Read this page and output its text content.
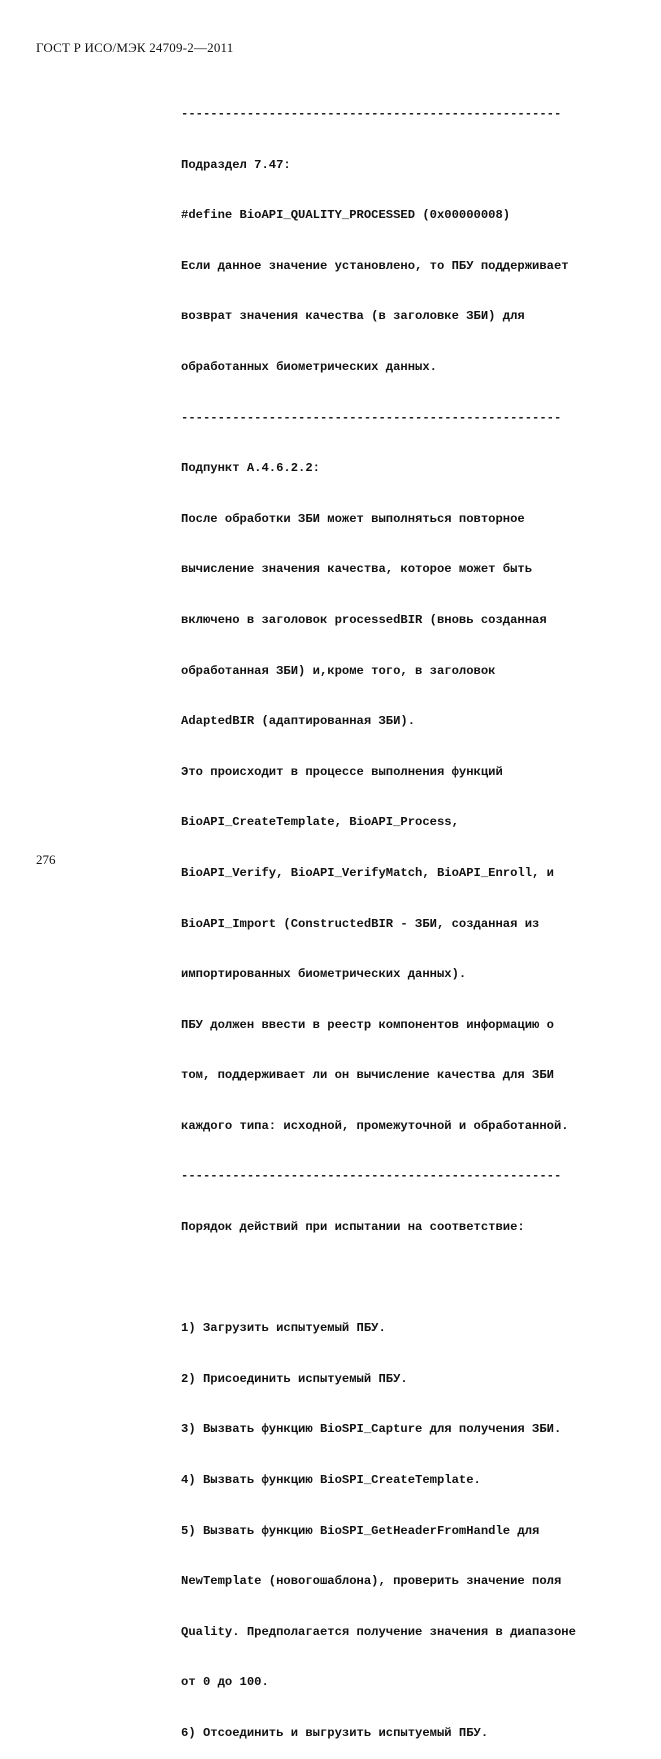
ГОСТ Р ИСО/МЭК 24709-2—2011

----------------------------------------------------

Подраздел 7.47:

#define BioAPI_QUALITY_PROCESSED (0x00000008)

Если данное значение установлено, то ПБУ поддерживает

возврат значения качества (в заголовке ЗБИ) для

обработанных биометрических данных.

----------------------------------------------------

Подпункт А.4.6.2.2:

После обработки ЗБИ может выполняться повторное

вычисление значения качества, которое может быть

включено в заголовок processedBIR (вновь созданная

обработанная ЗБИ) и,кроме того, в заголовок

AdaptedBIR (адаптированная ЗБИ).

Это происходит в процессе выполнения функций

BioAPI_CreateTemplate, BioAPI_Process,

BioAPI_Verify, BioAPI_VerifyMatch, BioAPI_Enroll, и

BioAPI_Import (ConstructedBIR - ЗБИ, созданная из

импортированных биометрических данных).

ПБУ должен ввести в реестр компонентов информацию о

том, поддерживает ли он вычисление качества для ЗБИ

каждого типа: исходной, промежуточной и обработанной.

----------------------------------------------------

Порядок действий при испытании на соответствие:

1) Загрузить испытуемый ПБУ.

2) Присоединить испытуемый ПБУ.

3) Вызвать функцию BioSPI_Capture для получения ЗБИ.

4) Вызвать функцию BioSPI_CreateTemplate.

5) Вызвать функцию BioSPI_GetHeaderFromHandle для

NewTemplate (новогошаблона), проверить значение поля

Quality. Предполагается получение значения в диапазоне

от 0 до 100.

6) Отсоединить и выгрузить испытуемый ПБУ.

276
